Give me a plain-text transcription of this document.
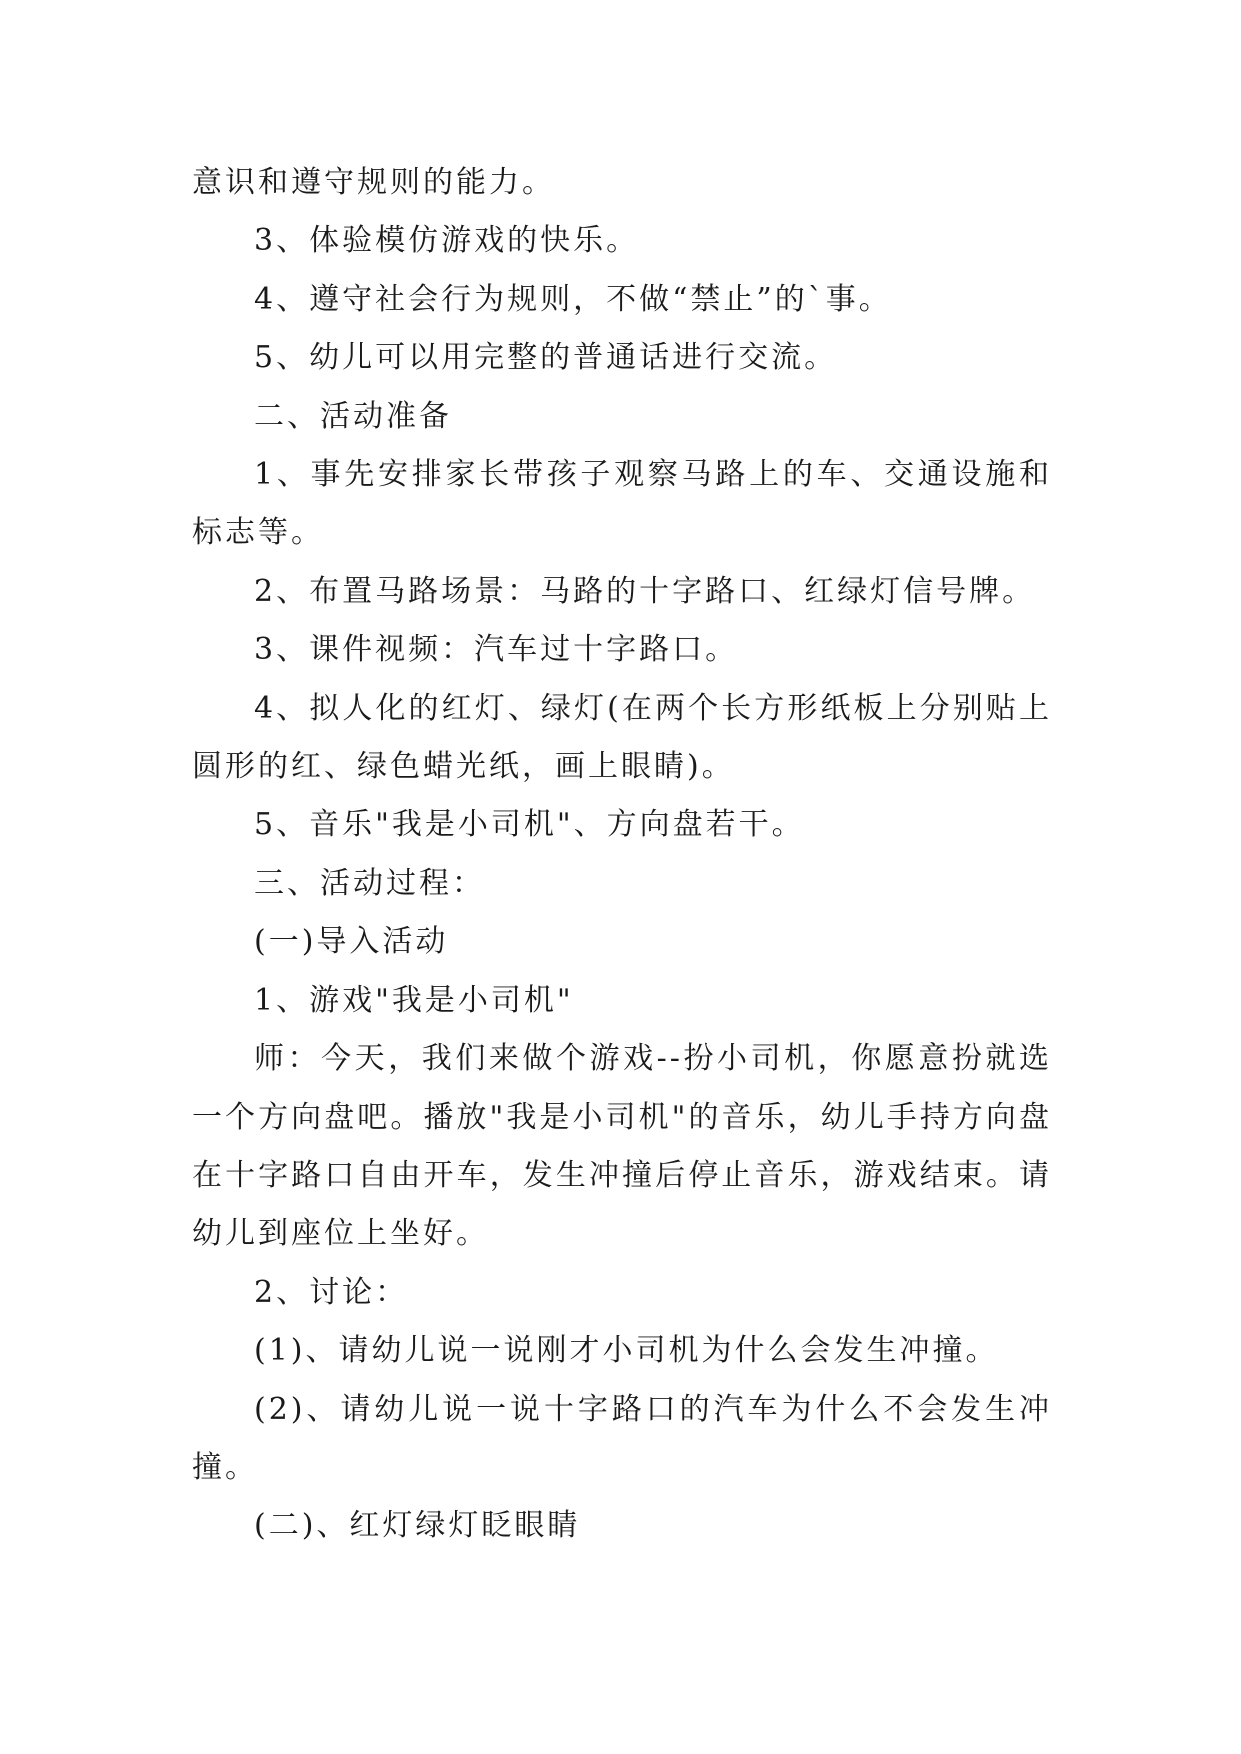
意识和遵守规则的能力。

3、体验模仿游戏的快乐。

4、遵守社会行为规则，不做“禁止”的`事。

5、幼儿可以用完整的普通话进行交流。

二、活动准备

1、事先安排家长带孩子观察马路上的车、交通设施和标志等。

2、布置马路场景：马路的十字路口、红绿灯信号牌。

3、课件视频：汽车过十字路口。

4、拟人化的红灯、绿灯(在两个长方形纸板上分别贴上圆形的红、绿色蜡光纸，画上眼睛)。

5、音乐"我是小司机"、方向盘若干。

三、活动过程：

(一)导入活动

1、游戏"我是小司机"

师：今天，我们来做个游戏--扮小司机，你愿意扮就选一个方向盘吧。播放"我是小司机"的音乐，幼儿手持方向盘在十字路口自由开车，发生冲撞后停止音乐，游戏结束。请幼儿到座位上坐好。

2、讨论：

(1)、请幼儿说一说刚才小司机为什么会发生冲撞。

(2)、请幼儿说一说十字路口的汽车为什么不会发生冲撞。

(二)、红灯绿灯眨眼睛
